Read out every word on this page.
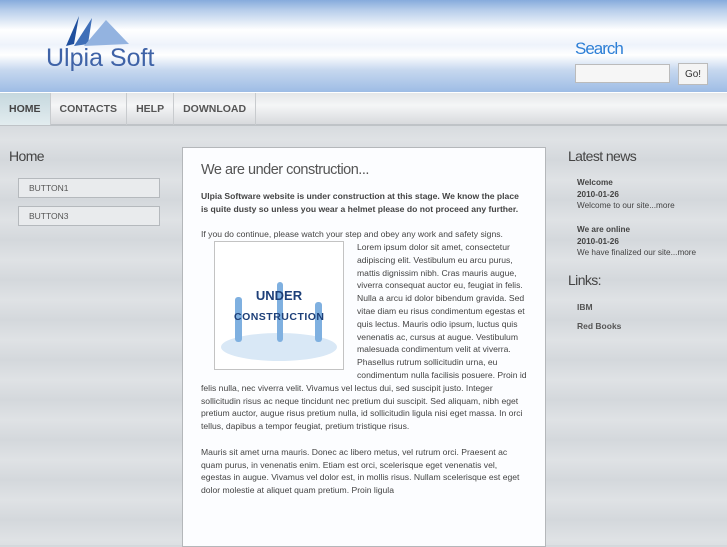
Ulpia Soft	Search
Go!
HOME	CONTACTS	HELP	DOWNLOAD
Home
BUTTON1
BUTTON3
We are under construction...

Ulpia Software website is under construction at this stage. We know the place is quite dusty so unless you wear a helmet please do not proceed any further.

If you do continue, please watch your step and obey any work and safety signs.
UNDER
CONSTRUCTION

Lorem ipsum dolor sit amet, consectetur adipiscing elit. Vestibulum eu arcu purus, mattis dignissim nibh. Cras mauris augue, viverra consequat auctor eu, feugiat in felis. Nulla a arcu id dolor bibendum gravida. Sed vitae diam eu risus condimentum egestas et quis lectus. Mauris odio ipsum, luctus quis venenatis ac, cursus at augue. Vestibulum malesuada condimentum velit at viverra. Phasellus rutrum sollicitudin urna, eu condimentum nulla facilisis posuere. Proin id felis nulla, nec viverra velit. Vivamus vel lectus dui, sed suscipit justo. Integer sollicitudin risus ac neque tincidunt nec pretium dui suscipit. Sed aliquam, nibh eget pretium auctor, augue risus pretium nulla, id sollicitudin ligula nisi eget massa. In orci tellus, dapibus a tempor feugiat, pretium tristique risus.

Mauris sit amet urna mauris. Donec ac libero metus, vel rutrum orci. Praesent ac quam purus, in venenatis enim. Etiam est orci, scelerisque eget venenatis vel, egestas in augue. Vivamus vel dolor est, in mollis risus. Nullam scelerisque est eget dolor molestie at aliquet quam pretium. Proin ligula

Latest news
Welcome
2010-01-26
Welcome to our site...more
We are online
2010-01-26
We have finalized our site...more
Links:
IBM
Red Books
